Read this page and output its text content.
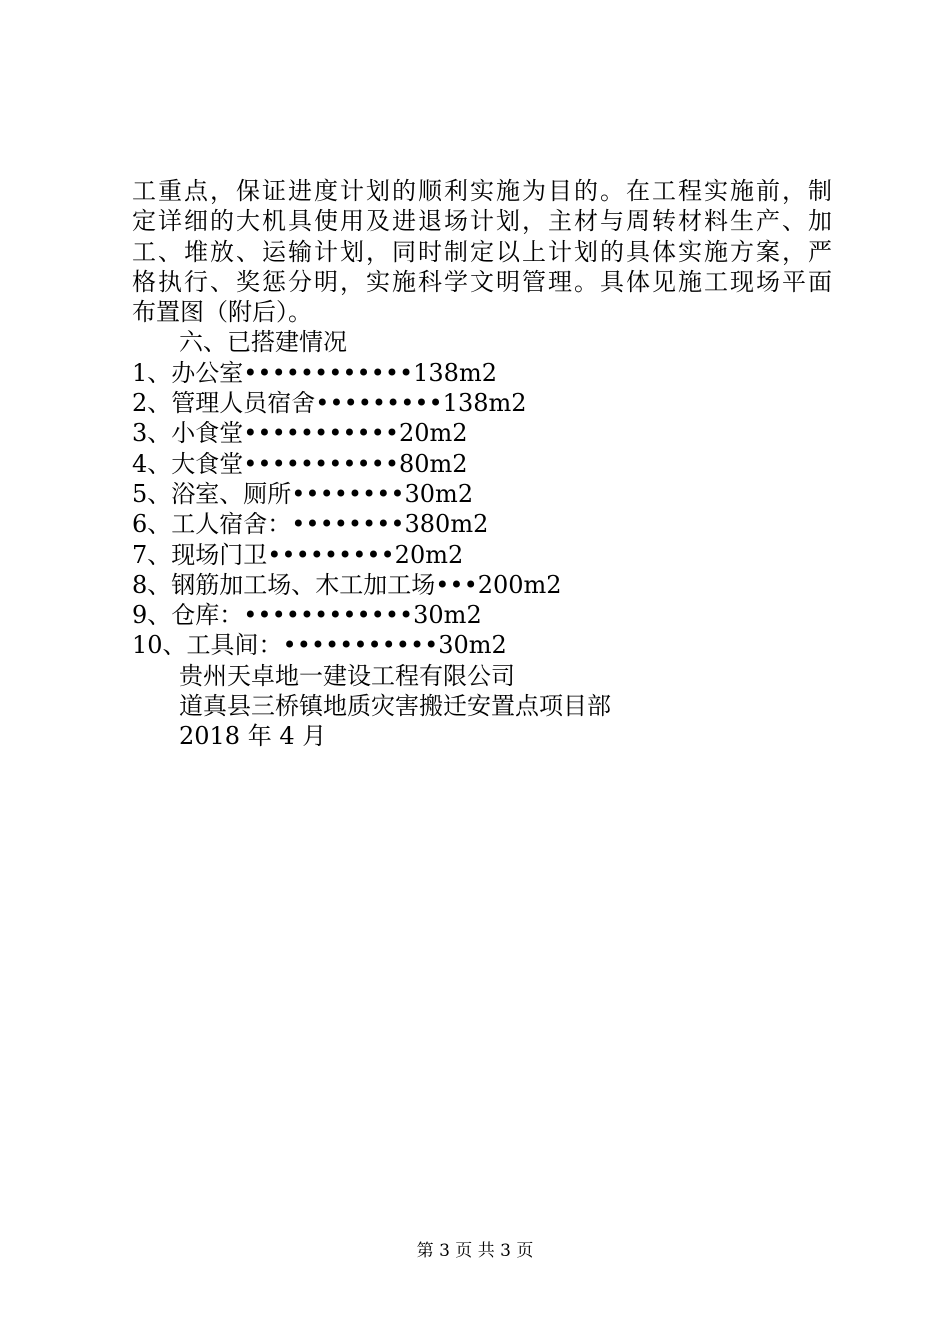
工重点，保证进度计划的顺利实施为目的。在工程实施前，制
定详细的大机具使用及进退场计划，主材与周转材料生产、加
工、堆放、运输计划，同时制定以上计划的具体实施方案，严
格执行、奖惩分明，实施科学文明管理。具体见施工现场平面
布置图（附后）。
六、已搭建情况
1、办公室••••••••••••138m2
2、管理人员宿舍•••••••••138m2
3、小食堂•••••••••••20m2
4、大食堂•••••••••••80m2
5、浴室、厕所••••••••30m2
6、工人宿舍：••••••••380m2
7、现场门卫•••••••••20m2
8、钢筋加工场、木工加工场•••200m2
9、仓库：••••••••••••30m2
10、工具间：•••••••••••30m2
贵州天卓地一建设工程有限公司
道真县三桥镇地质灾害搬迁安置点项目部
2018 年 4 月
第 3 页 共 3 页
